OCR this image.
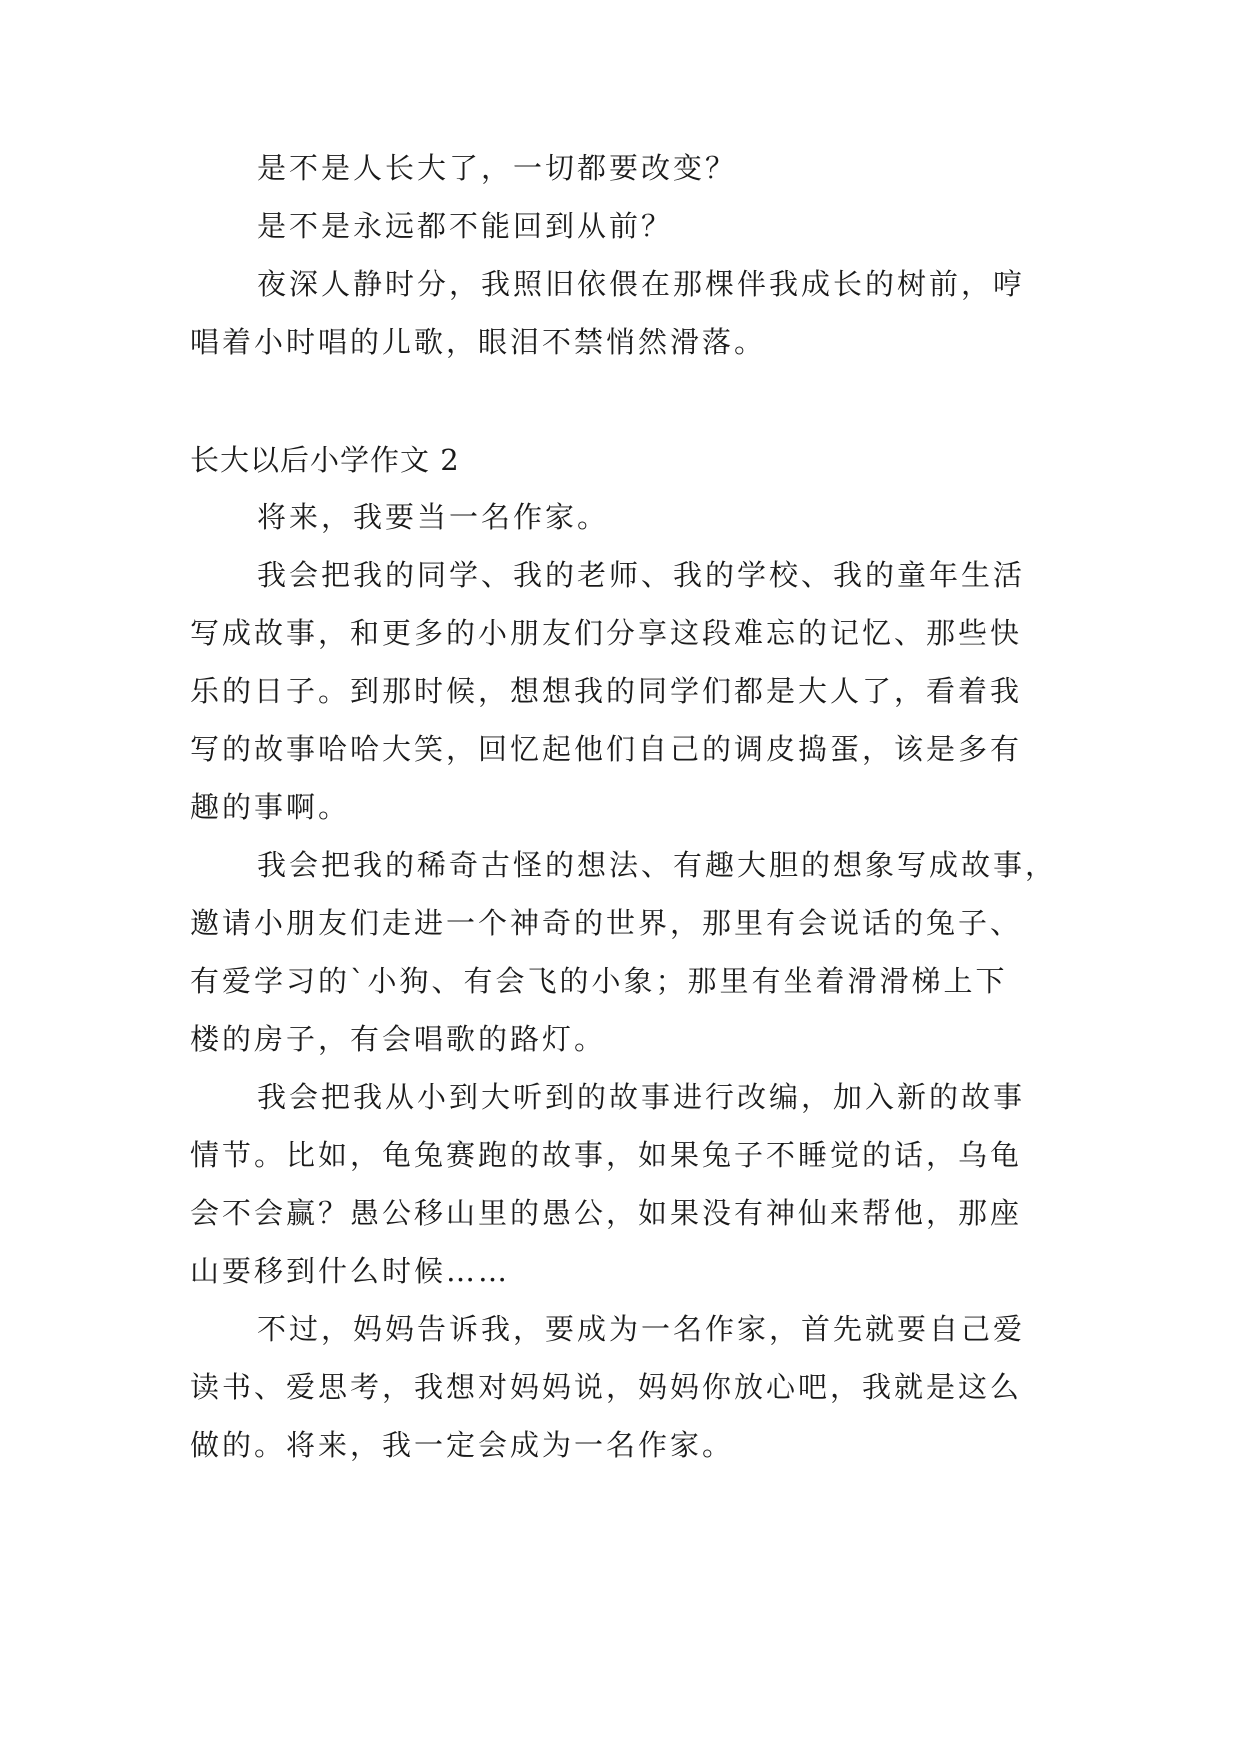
是不是人长大了，一切都要改变？
是不是永远都不能回到从前？
夜深人静时分，我照旧依偎在那棵伴我成长的树前，哼
唱着小时唱的儿歌，眼泪不禁悄然滑落。
长大以后小学作文 2
将来，我要当一名作家。
我会把我的同学、我的老师、我的学校、我的童年生活
写成故事，和更多的小朋友们分享这段难忘的记忆、那些快
乐的日子。到那时候，想想我的同学们都是大人了，看着我
写的故事哈哈大笑，回忆起他们自己的调皮捣蛋，该是多有
趣的事啊。
我会把我的稀奇古怪的想法、有趣大胆的想象写成故事，
邀请小朋友们走进一个神奇的世界，那里有会说话的兔子、
有爱学习的`小狗、有会飞的小象；那里有坐着滑滑梯上下
楼的房子，有会唱歌的路灯。
我会把我从小到大听到的故事进行改编，加入新的故事
情节。比如，龟兔赛跑的故事，如果兔子不睡觉的话，乌龟
会不会赢？愚公移山里的愚公，如果没有神仙来帮他，那座
山要移到什么时候……
不过，妈妈告诉我，要成为一名作家，首先就要自己爱
读书、爱思考，我想对妈妈说，妈妈你放心吧，我就是这么
做的。将来，我一定会成为一名作家。
